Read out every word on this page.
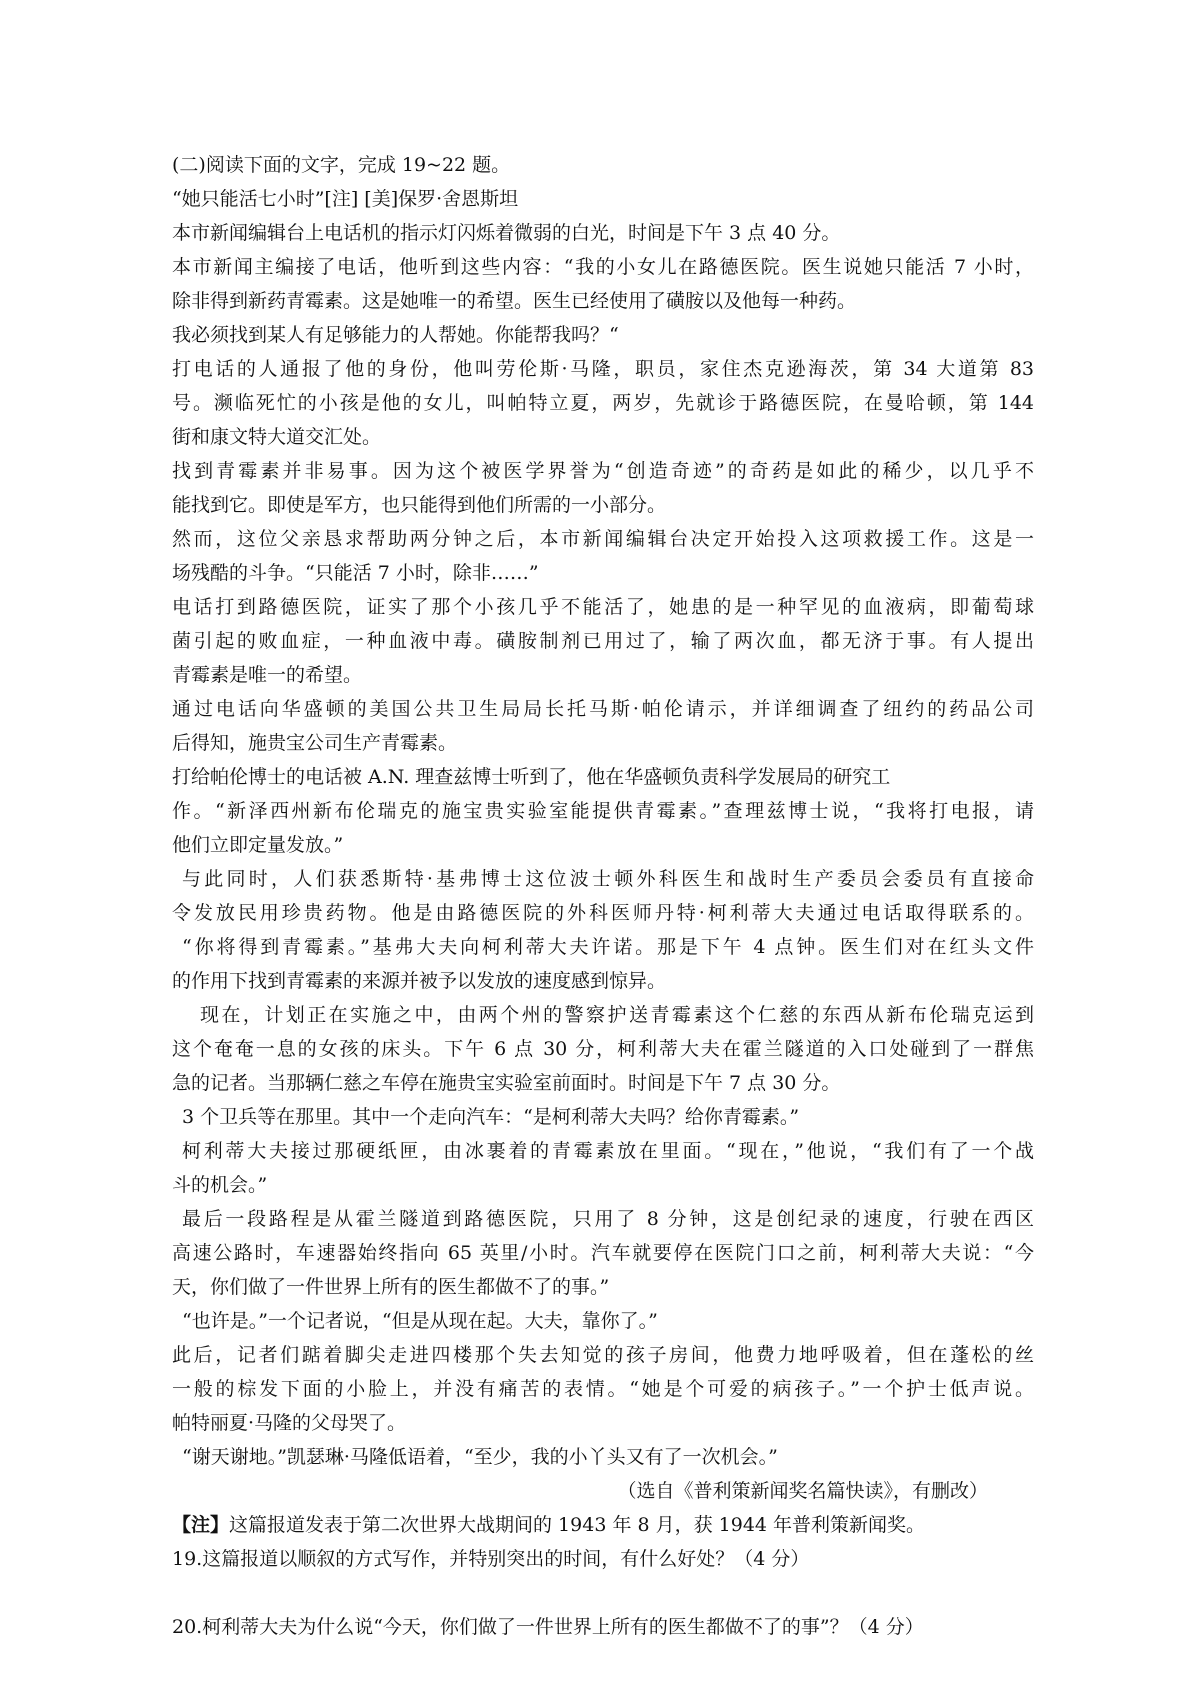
(二)阅读下面的文字，完成 19~22 题。
“她只能活七小时”[注] [美]保罗·舍恩斯坦
本市新闻编辑台上电话机的指示灯闪烁着微弱的白光，时间是下午 3 点 40 分。
本市新闻主编接了电话，他听到这些内容：“我的小女儿在路德医院。医生说她只能活 7 小时，
除非得到新药青霉素。这是她唯一的希望。医生已经使用了磺胺以及他每一种药。
我必须找到某人有足够能力的人帮她。你能帮我吗？“
打电话的人通报了他的身份，他叫劳伦斯·马隆，职员，家住杰克逊海茨，第 34 大道第 83
号。濒临死忙的小孩是他的女儿，叫帕特立夏，两岁，先就诊于路德医院，在曼哈顿，第 144
街和康文特大道交汇处。
找到青霉素并非易事。因为这个被医学界誉为“创造奇迹”的奇药是如此的稀少，以几乎不
能找到它。即使是军方，也只能得到他们所需的一小部分。
然而，这位父亲恳求帮助两分钟之后，本市新闻编辑台决定开始投入这项救援工作。这是一
场残酷的斗争。“只能活 7 小时，除非……”
电话打到路德医院，证实了那个小孩几乎不能活了，她患的是一种罕见的血液病，即葡萄球
菌引起的败血症，一种血液中毒。磺胺制剂已用过了，输了两次血，都无济于事。有人提出
青霉素是唯一的希望。
通过电话向华盛顿的美国公共卫生局局长托马斯·帕伦请示，并详细调查了纽约的药品公司
后得知，施贵宝公司生产青霉素。
打给帕伦博士的电话被 A.N. 理查兹博士听到了，他在华盛顿负责科学发展局的研究工
作。“新泽西州新布伦瑞克的施宝贵实验室能提供青霉素。”查理兹博士说，“我将打电报，请
他们立即定量发放。”
与此同时，人们获悉斯特·基弗博士这位波士顿外科医生和战时生产委员会委员有直接命
令发放民用珍贵药物。他是由路德医院的外科医师丹特·柯利蒂大夫通过电话取得联系的。
“你将得到青霉素。”基弗大夫向柯利蒂大夫许诺。那是下午 4 点钟。医生们对在红头文件
的作用下找到青霉素的来源并被予以发放的速度感到惊异。
现在，计划正在实施之中，由两个州的警察护送青霉素这个仁慈的东西从新布伦瑞克运到
这个奄奄一息的女孩的床头。下午 6 点 30 分，柯利蒂大夫在霍兰隧道的入口处碰到了一群焦
急的记者。当那辆仁慈之车停在施贵宝实验室前面时。时间是下午 7 点 30 分。
3 个卫兵等在那里。其中一个走向汽车：“是柯利蒂大夫吗？给你青霉素。”
柯利蒂大夫接过那硬纸匣，由冰裹着的青霉素放在里面。“现在，”他说，“我们有了一个战
斗的机会。”
最后一段路程是从霍兰隧道到路德医院，只用了 8 分钟，这是创纪录的速度，行驶在西区
高速公路时，车速器始终指向 65 英里/小时。汽车就要停在医院门口之前，柯利蒂大夫说：“今
天，你们做了一件世界上所有的医生都做不了的事。”
“也许是。”一个记者说，“但是从现在起。大夫，靠你了。”
此后，记者们踮着脚尖走进四楼那个失去知觉的孩子房间，他费力地呼吸着，但在蓬松的丝
一般的棕发下面的小脸上，并没有痛苦的表情。“她是个可爱的病孩子。”一个护士低声说。
帕特丽夏·马隆的父母哭了。
“谢天谢地。”凯瑟琳·马隆低语着，“至少，我的小丫头又有了一次机会。”
（选自《普利策新闻奖名篇快读》，有删改）
【注】这篇报道发表于第二次世界大战期间的 1943 年 8 月，获 1944 年普利策新闻奖。
19.这篇报道以顺叙的方式写作，并特别突出的时间，有什么好处？（4 分）
20.柯利蒂大夫为什么说“今天，你们做了一件世界上所有的医生都做不了的事”？（4 分）
